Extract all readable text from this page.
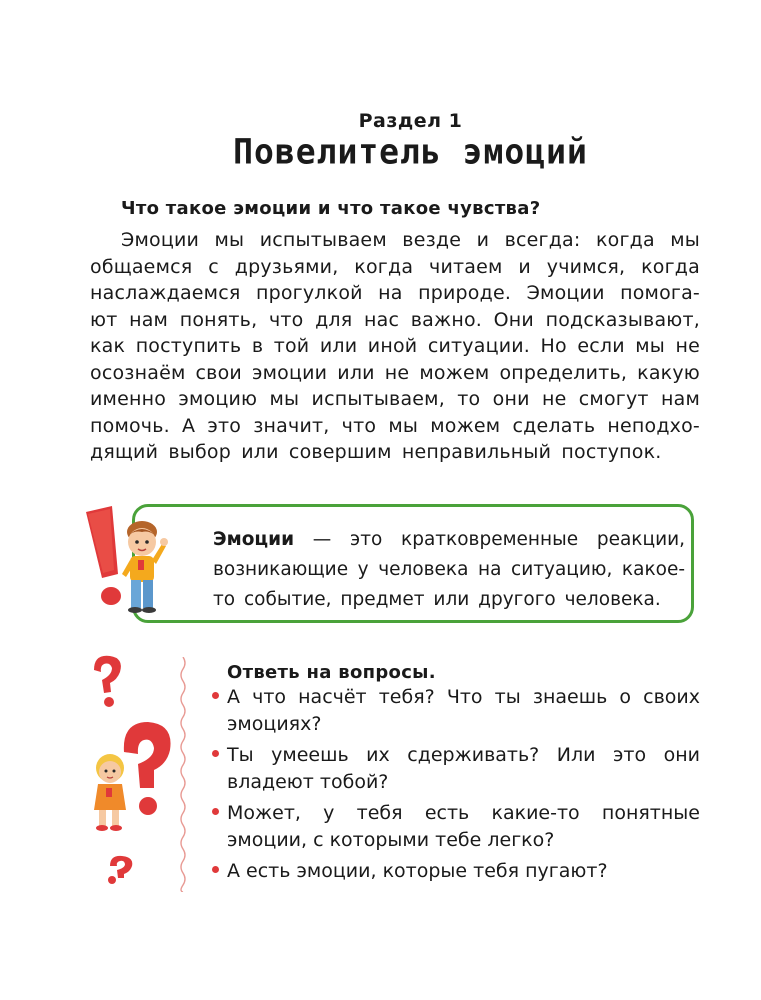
Раздел 1
Повелитель эмоций
Что такое эмоции и что такое чувства?
Эмоции мы испытываем везде и всегда: когда мы
общаемся с друзьями, когда читаем и учимся, когда
наслаждаемся прогулкой на природе. Эмоции помога-
ют нам понять, что для нас важно. Они подсказывают,
как поступить в той или иной ситуации. Но если мы не
осознаём свои эмоции или не можем определить, какую
именно эмоцию мы испытываем, то они не смогут нам
помочь. А это значит, что мы можем сделать неподхо-
дящий выбор или совершим неправильный поступок.
Эмоции — это кратковременные реакции,
возникающие у человека на ситуацию, какое-
то событие, предмет или другого человека.
Ответь на вопросы.
А что насчёт тебя? Что ты знаешь о своих
эмоциях?
Ты умеешь их сдерживать? Или это они
владеют тобой?
Может, у тебя есть какие-то понятные
эмоции, с которыми тебе легко?
А есть эмоции, которые тебя пугают?
